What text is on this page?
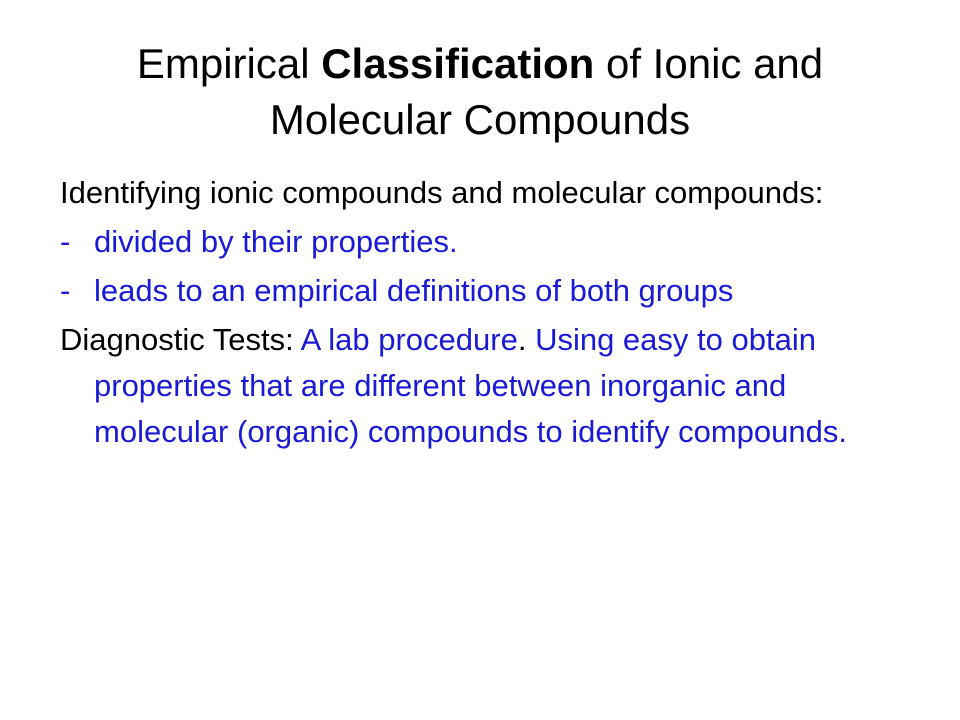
Empirical Classification of Ionic and Molecular Compounds
Identifying ionic compounds and molecular compounds:
- divided by their properties.
- leads to an empirical definitions of both groups
Diagnostic Tests: A lab procedure. Using easy to obtain properties that are different between inorganic and molecular (organic) compounds to identify compounds.
